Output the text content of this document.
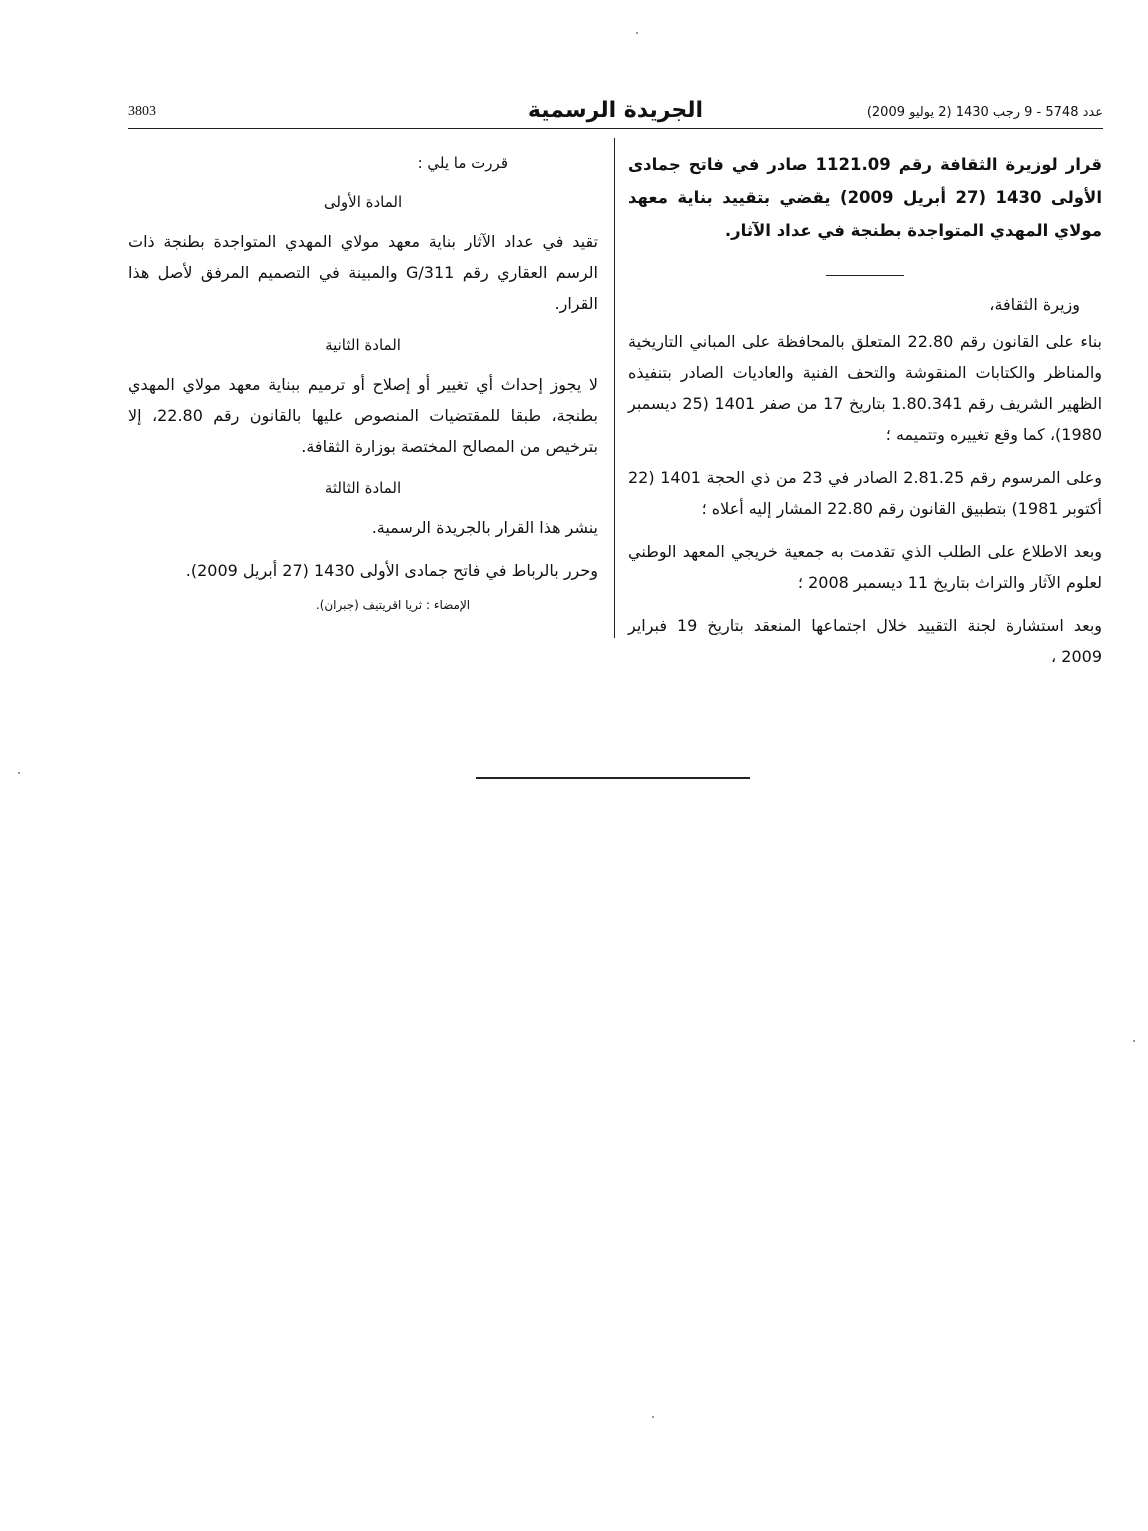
3803	الجريدة الرسمية	عدد 5748 - 9 رجب 1430 (2 يوليو 2009)

قرار لوزيرة الثقافة رقم 1121.09 صادر في فاتح جمادى الأولى 1430 (27 أبريل 2009) يقضي بتقييد بناية معهد مولاي المهدي المتواجدة بطنجة في عداد الآثار.

وزيرة الثقافة،

بناء على القانون رقم 22.80 المتعلق بالمحافظة على المباني التاريخية والمناظر والكتابات المنقوشة والتحف الفنية والعاديات الصادر بتنفيذه الظهير الشريف رقم 1.80.341 بتاريخ 17 من صفر 1401 (25 ديسمبر 1980)، كما وقع تغييره وتتميمه ؛

وعلى المرسوم رقم 2.81.25 الصادر في 23 من ذي الحجة 1401 (22 أكتوبر 1981) بتطبيق القانون رقم 22.80 المشار إليه أعلاه ؛

وبعد الاطلاع على الطلب الذي تقدمت به جمعية خريجي المعهد الوطني لعلوم الآثار والتراث بتاريخ 11 ديسمبر 2008 ؛

وبعد استشارة لجنة التقييد خلال اجتماعها المنعقد بتاريخ 19 فبراير 2009 ،

قررت ما يلي :

المادة الأولى

تقيد في عداد الآثار بناية معهد مولاي المهدي المتواجدة بطنجة ذات الرسم العقاري رقم G/311 والمبينة في التصميم المرفق لأصل هذا القرار.

المادة الثانية

لا يجوز إحداث أي تغيير أو إصلاح أو ترميم ببناية معهد مولاي المهدي بطنجة، طبقا للمقتضيات المنصوص عليها بالقانون رقم 22.80، إلا بترخيص من المصالح المختصة بوزارة الثقافة.

المادة الثالثة

ينشر هذا القرار بالجريدة الرسمية.

وحرر بالرباط في فاتح جمادى الأولى 1430 (27 أبريل 2009).

الإمضاء : ثريا اقريتيف (جبران).
